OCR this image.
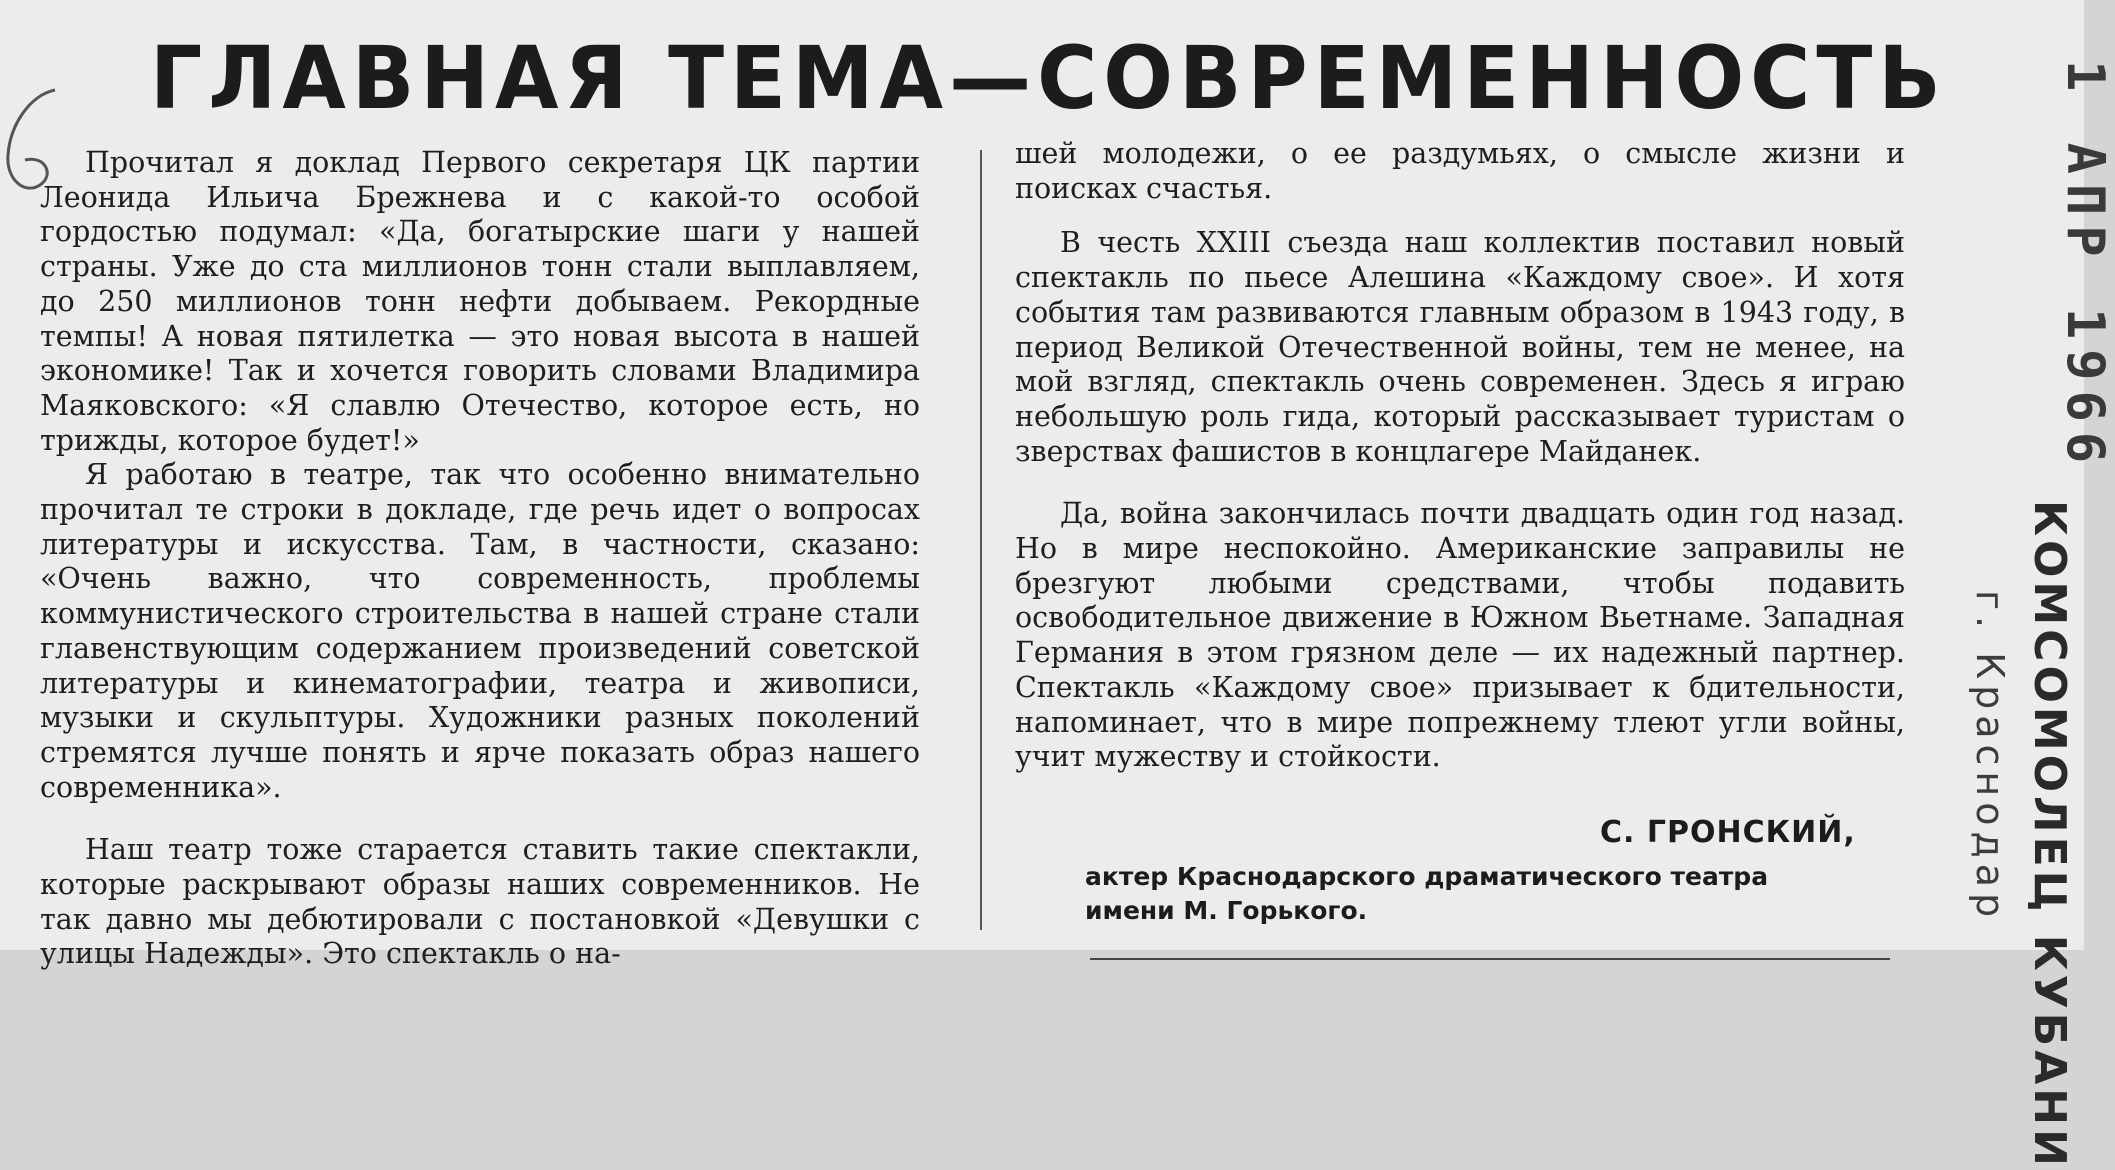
ГЛАВНАЯ ТЕМА—СОВРЕМЕННОСТЬ

Прочитал я доклад Первого секретаря ЦК партии Леонида Ильича Брежнева и с какой-то особой гордостью подумал: «Да, богатырские шаги у нашей страны. Уже до ста миллионов тонн стали выплавляем, до 250 миллионов тонн нефти добываем. Рекордные темпы! А новая пятилетка — это новая высота в нашей экономике! Так и хочется говорить словами Владимира Маяковского: «Я славлю Отечество, которое есть, но трижды, которое будет!»

Я работаю в театре, так что особенно внимательно прочитал те строки в докладе, где речь идет о вопросах литературы и искусства. Там, в частности, сказано: «Очень важно, что современность, проблемы коммунистического строительства в нашей стране стали главенствующим содержанием произведений советской литературы и кинематографии, театра и живописи, музыки и скульптуры. Художники разных поколений стремятся лучше понять и ярче показать образ нашего современника».

Наш театр тоже старается ставить такие спектакли, которые раскрывают образы наших современников. Не так давно мы дебютировали с постановкой «Девушки с улицы Надежды». Это спектакль о на-

шей молодежи, о ее раздумьях, о смысле жизни и поисках счастья.

В честь XXIII съезда наш коллектив поставил новый спектакль по пьесе Алешина «Каждому свое». И хотя события там развиваются главным образом в 1943 году, в период Великой Отечественной войны, тем не менее, на мой взгляд, спектакль очень современен. Здесь я играю небольшую роль гида, который рассказывает туристам о зверствах фашистов в концлагере Майданек.

Да, война закончилась почти двадцать один год назад. Но в мире неспокойно. Американские заправилы не брезгуют любыми средствами, чтобы подавить освободительное движение в Южном Вьетнаме. Западная Германия в этом грязном деле — их надежный партнер. Спектакль «Каждому свое» призывает к бдительности, напоминает, что в мире попрежнему тлеют угли войны, учит мужеству и стойкости.

С. ГРОНСКИЙ,
актер Краснодарского драматического театра
имени М. Горького.
1 АПР 1966
КОМСОМОЛЕЦ КУБАНИ
г. Краснодар
